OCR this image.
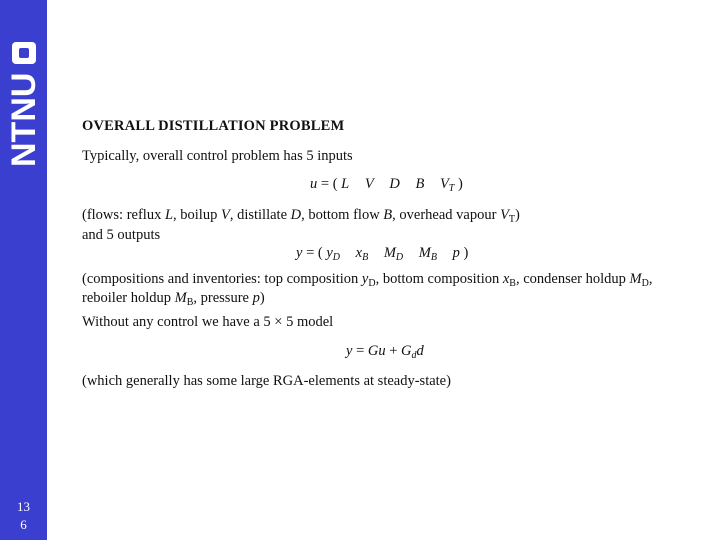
NTNU
13
6
OVERALL DISTILLATION PROBLEM
Typically, overall control problem has 5 inputs
u = ( L V D B $V_T$ )
(flows: reflux L, boilup V, distillate D, bottom flow B, overhead vapour $V_T$)
and 5 outputs
y = ( $y_D$ $x_B$ $M_D$ $M_B$ p )
(compositions and inventories: top composition $y_D$, bottom composition $x_B$, condenser holdup $M_D$,
reboiler holdup $M_B$, pressure p)
Without any control we have a 5 × 5 model
$y = Gu + G_dd$
(which generally has some large RGA-elements at steady-state)
